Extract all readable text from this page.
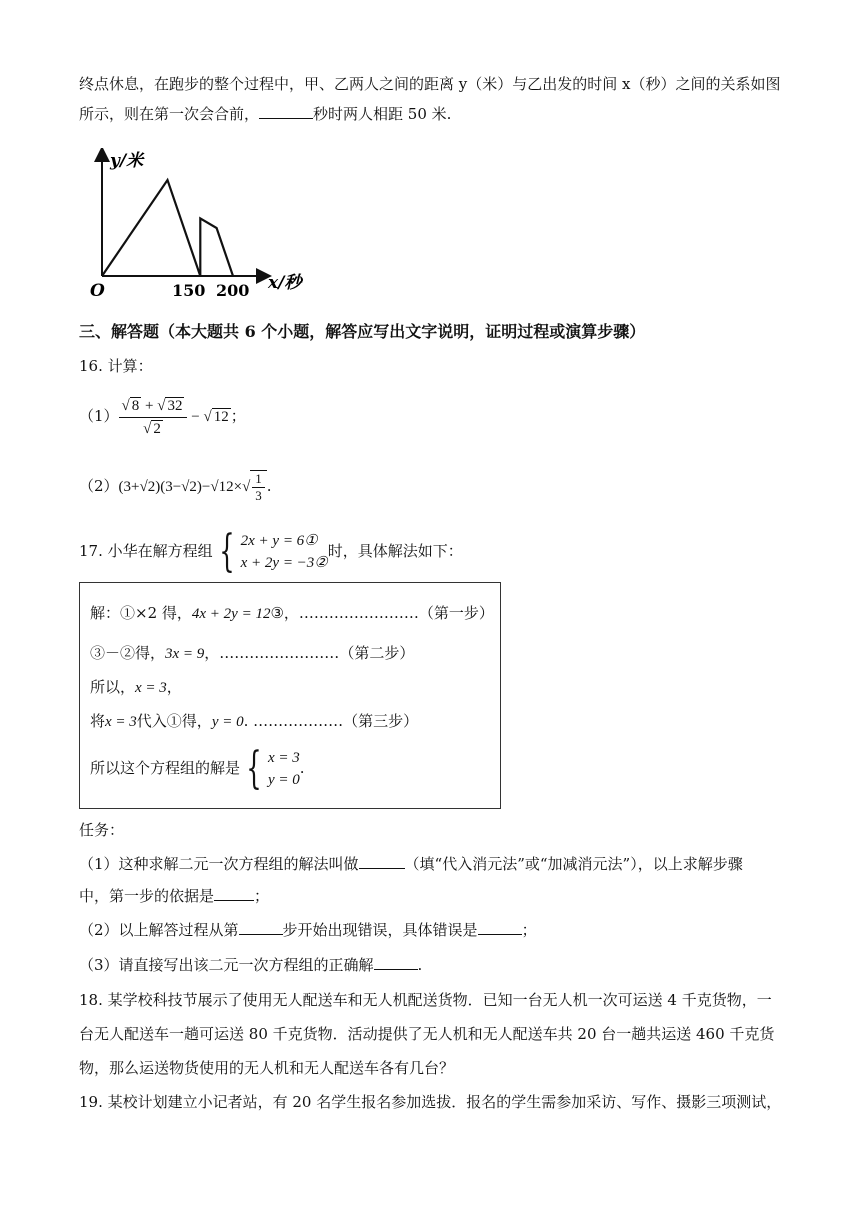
终点休息，在跑步的整个过程中，甲、乙两人之间的距离 y（米）与乙出发的时间 x（秒）之间的关系如图
所示，则在第一次会合前，	秒时两人相距 50 米.
y/米
x/秒
O	150 200
三、解答题（本大题共 6 个小题，解答应写出文字说明，证明过程或演算步骤）
16. 计算：
$(1) \frac{√ 8 + √ 32}{√ 2}$ − √ 12 ；
$(2)(3+√2)(3-√2)-√12\times√ \frac{1}{3}$ .
17. 小华在解方程组 { 2x + y = 6①
x + 2y = −3②
时，具体解法如下：
解：①×2 得，4x + 2y = 12③，……………………（第一步）
③－②得，3x = 9，……………………（第二步）
所以，x = 3，
将x = 3代入①得，y = 0. ………………（第三步）
所以这个方程组的解是 { x = 3
y = 0
.
任务：
（1）这种求解二元一次方程组的解法叫做	（填“代入消元法”或“加减消元法”），以上求解步骤
中，第一步的依据是	；
（2）以上解答过程从第	步开始出现错误，具体错误是	；
（3）请直接写出该二元一次方程组的正确解	.
18. 某学校科技节展示了使用无人配送车和无人机配送货物．已知一台无人机一次可运送 4 千克货物，一
台无人配送车一趟可运送 80 千克货物．活动提供了无人机和无人配送车共 20 台一趟共运送 460 千克货
物，那么运送物货使用的无人机和无人配送车各有几台？
19. 某校计划建立小记者站，有 20 名学生报名参加选拔．报名的学生需参加采访、写作、摄影三项测试，
